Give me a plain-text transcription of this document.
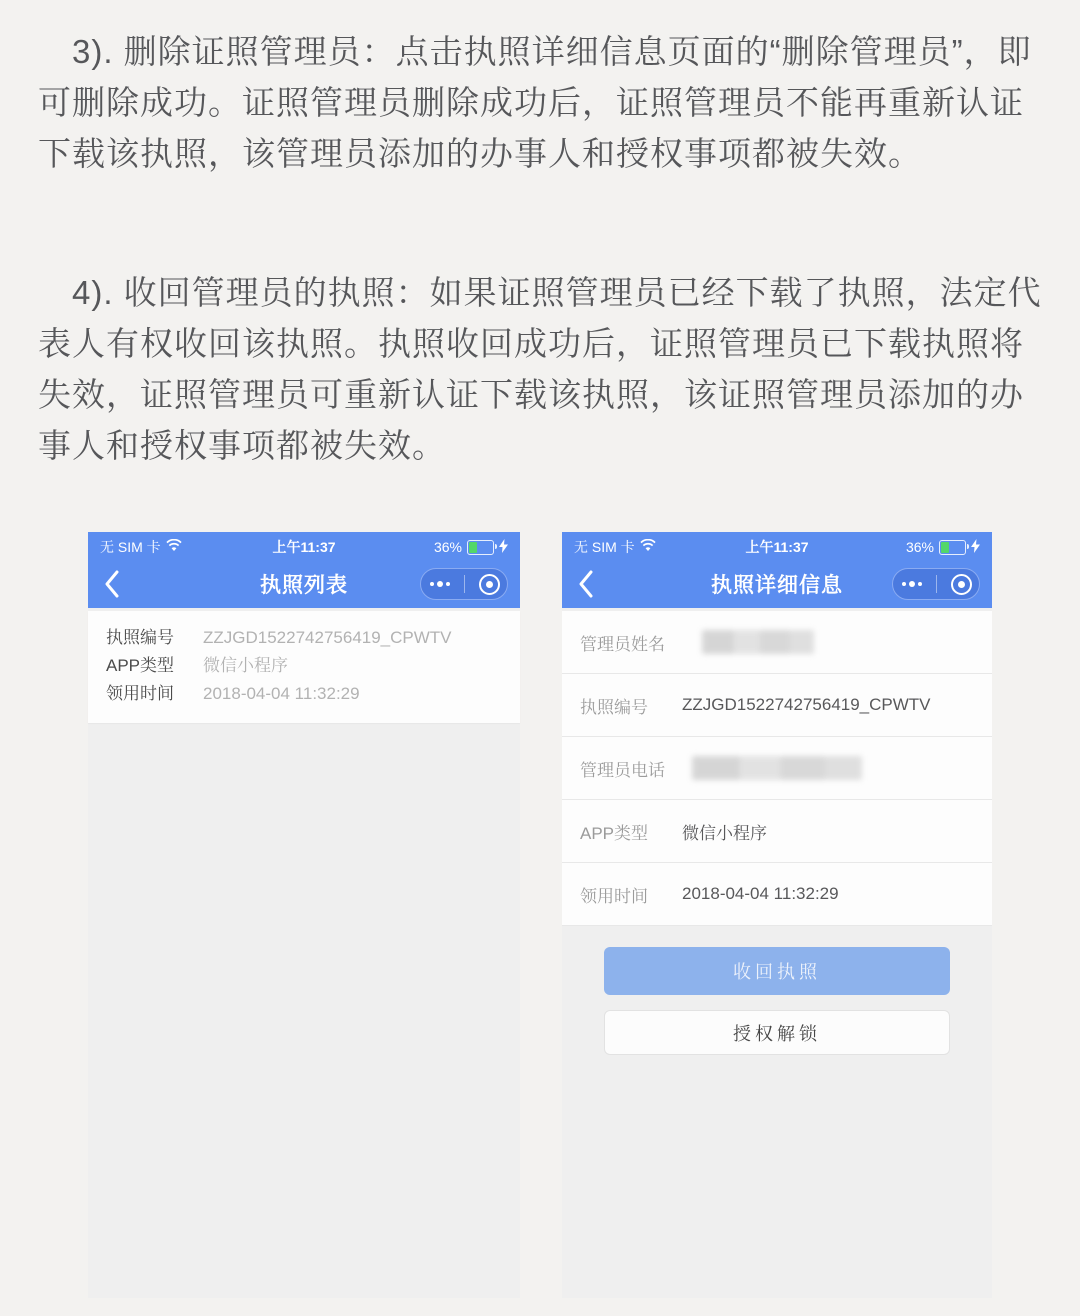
3). 删除证照管理员：点击执照详细信息页面的“删除管理员”，即可删除成功。证照管理员删除成功后，证照管理员不能再重新认证下载该执照，该管理员添加的办事人和授权事项都被失效。

4). 收回管理员的执照：如果证照管理员已经下载了执照，法定代表人有权收回该执照。执照收回成功后，证照管理员已下载执照将失效，证照管理员可重新认证下载该执照，该证照管理员添加的办事人和授权事项都被失效。

无 SIM 卡	上午11:37	36%
执照列表
执照编号	ZZJGD1522742756419_CPWTV
APP类型	微信小程序
领用时间	2018-04-04 11:32:29
无 SIM 卡	上午11:37	36%
执照详细信息
管理员姓名
执照编号	ZZJGD1522742756419_CPWTV
管理员电话
APP类型	微信小程序
领用时间	2018-04-04 11:32:29
收回执照
授权解锁
